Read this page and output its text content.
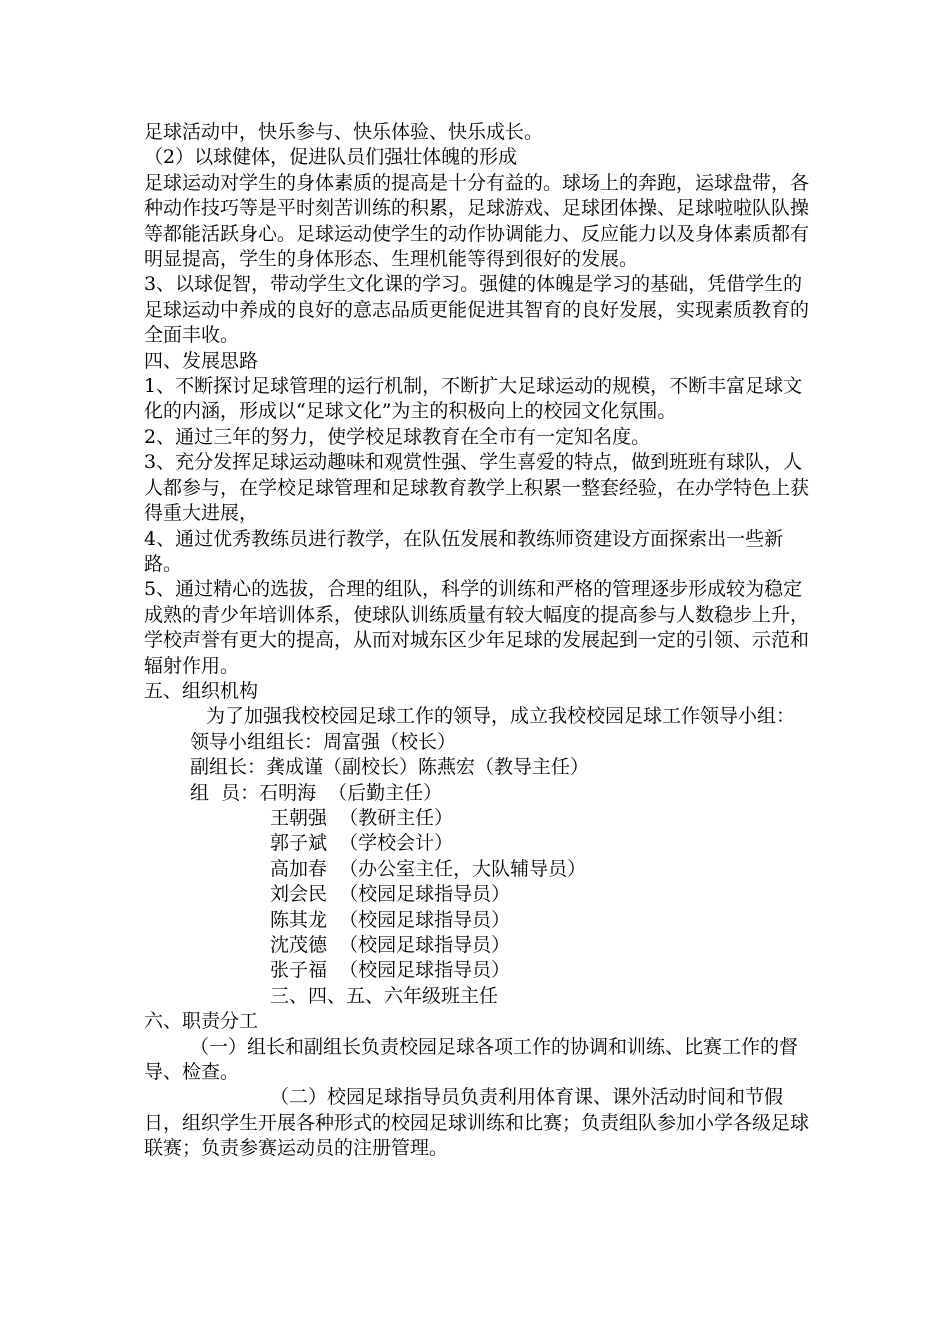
足球活动中，快乐参与、快乐体验、快乐成长。

（2）以球健体，促进队员们强壮体魄的形成

足球运动对学生的身体素质的提高是十分有益的。球场上的奔跑，运球盘带，各种动作技巧等是平时刻苦训练的积累，足球游戏、足球团体操、足球啦啦队队操等都能活跃身心。足球运动使学生的动作协调能力、反应能力以及身体素质都有明显提高，学生的身体形态、生理机能等得到很好的发展。

3、以球促智，带动学生文化课的学习。强健的体魄是学习的基础，凭借学生的足球运动中养成的良好的意志品质更能促进其智育的良好发展，实现素质教育的全面丰收。

四、发展思路

1、不断探讨足球管理的运行机制，不断扩大足球运动的规模，不断丰富足球文化的内涵，形成以“足球文化”为主的积极向上的校园文化氛围。

2、通过三年的努力，使学校足球教育在全市有一定知名度。

3、充分发挥足球运动趣味和观赏性强、学生喜爱的特点，做到班班有球队，人人都参与，在学校足球管理和足球教育教学上积累一整套经验，在办学特色上获得重大进展，

4、通过优秀教练员进行教学，在队伍发展和教练师资建设方面探索出一些新路。

5、通过精心的选拔，合理的组队，科学的训练和严格的管理逐步形成较为稳定成熟的青少年培训体系，使球队训练质量有较大幅度的提高参与人数稳步上升，学校声誉有更大的提高，从而对城东区少年足球的发展起到一定的引领、示范和辐射作用。

五、组织机构

为了加强我校校园足球工作的领导，成立我校校园足球工作领导小组：

领导小组组长：周富强（校长）

副组长：龚成谨（副校长）陈燕宏（教导主任）

组  员：石明海  （后勤主任）

王朝强  （教研主任）

郭子斌  （学校会计）

高加春  （办公室主任，大队辅导员）

刘会民  （校园足球指导员）

陈其龙  （校园足球指导员）

沈茂德  （校园足球指导员）

张子福  （校园足球指导员）

三、四、五、六年级班主任

六、职责分工

（一）组长和副组长负责校园足球各项工作的协调和训练、比赛工作的督导、检查。

（二）校园足球指导员负责利用体育课、课外活动时间和节假日，组织学生开展各种形式的校园足球训练和比赛；负责组队参加小学各级足球联赛；负责参赛运动员的注册管理。
